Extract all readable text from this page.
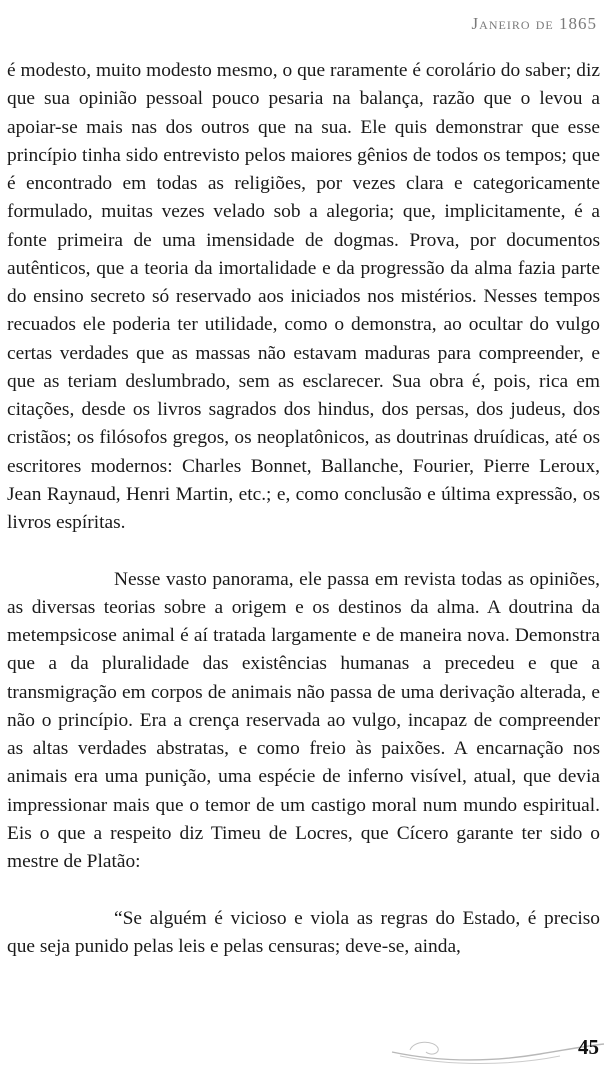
Janeiro de 1865

é modesto, muito modesto mesmo, o que raramente é corolário do saber; diz que sua opinião pessoal pouco pesaria na balança, razão que o levou a apoiar-se mais nas dos outros que na sua. Ele quis demonstrar que esse princípio tinha sido entrevisto pelos maiores gênios de todos os tempos; que é encontrado em todas as religiões, por vezes clara e categoricamente formulado, muitas vezes velado sob a alegoria; que, implicitamente, é a fonte primeira de uma imensidade de dogmas. Prova, por documentos autênticos, que a teoria da imortalidade e da progressão da alma fazia parte do ensino secreto só reservado aos iniciados nos mistérios. Nesses tempos recuados ele poderia ter utilidade, como o demonstra, ao ocultar do vulgo certas verdades que as massas não estavam maduras para compreender, e que as teriam deslumbrado, sem as esclarecer. Sua obra é, pois, rica em citações, desde os livros sagrados dos hindus, dos persas, dos judeus, dos cristãos; os filósofos gregos, os neoplatônicos, as doutrinas druídicas, até os escritores modernos: Charles Bonnet, Ballanche, Fourier, Pierre Leroux, Jean Raynaud, Henri Martin, etc.; e, como conclusão e última expressão, os livros espíritas.

Nesse vasto panorama, ele passa em revista todas as opiniões, as diversas teorias sobre a origem e os destinos da alma. A doutrina da metempsicose animal é aí tratada largamente e de maneira nova. Demonstra que a da pluralidade das existências humanas a precedeu e que a transmigração em corpos de animais não passa de uma derivação alterada, e não o princípio. Era a crença reservada ao vulgo, incapaz de compreender as altas verdades abstratas, e como freio às paixões. A encarnação nos animais era uma punição, uma espécie de inferno visível, atual, que devia impressionar mais que o temor de um castigo moral num mundo espiritual. Eis o que a respeito diz Timeu de Locres, que Cícero garante ter sido o mestre de Platão:

“Se alguém é vicioso e viola as regras do Estado, é preciso que seja punido pelas leis e pelas censuras; deve-se, ainda,

45
